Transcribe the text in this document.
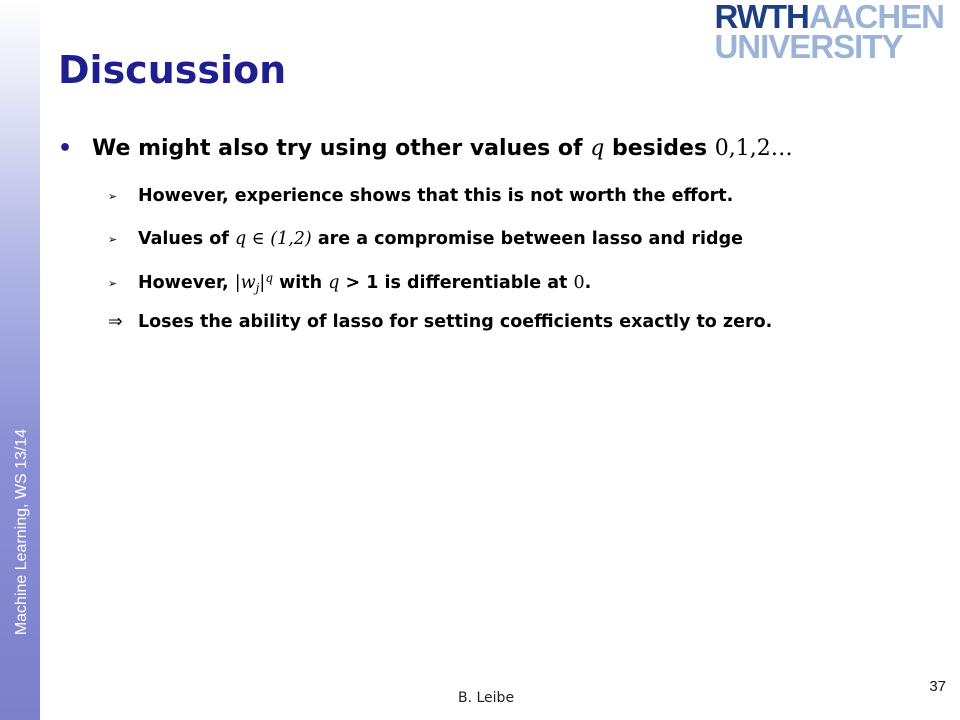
Machine Learning, WS 13/14
RWTHAACHEN
UNIVERSITY
Discussion
• We might also try using other values of q besides 0,1,2…
➢ However, experience shows that this is not worth the effort.
➢ Values of q ∈ (1,2) are a compromise between lasso and ridge
➢ However, $|w_j|^q$ with q > 1 is differentiable at 0.
⇒ Loses the ability of lasso for setting coefficients exactly to zero.
B. Leibe
37
